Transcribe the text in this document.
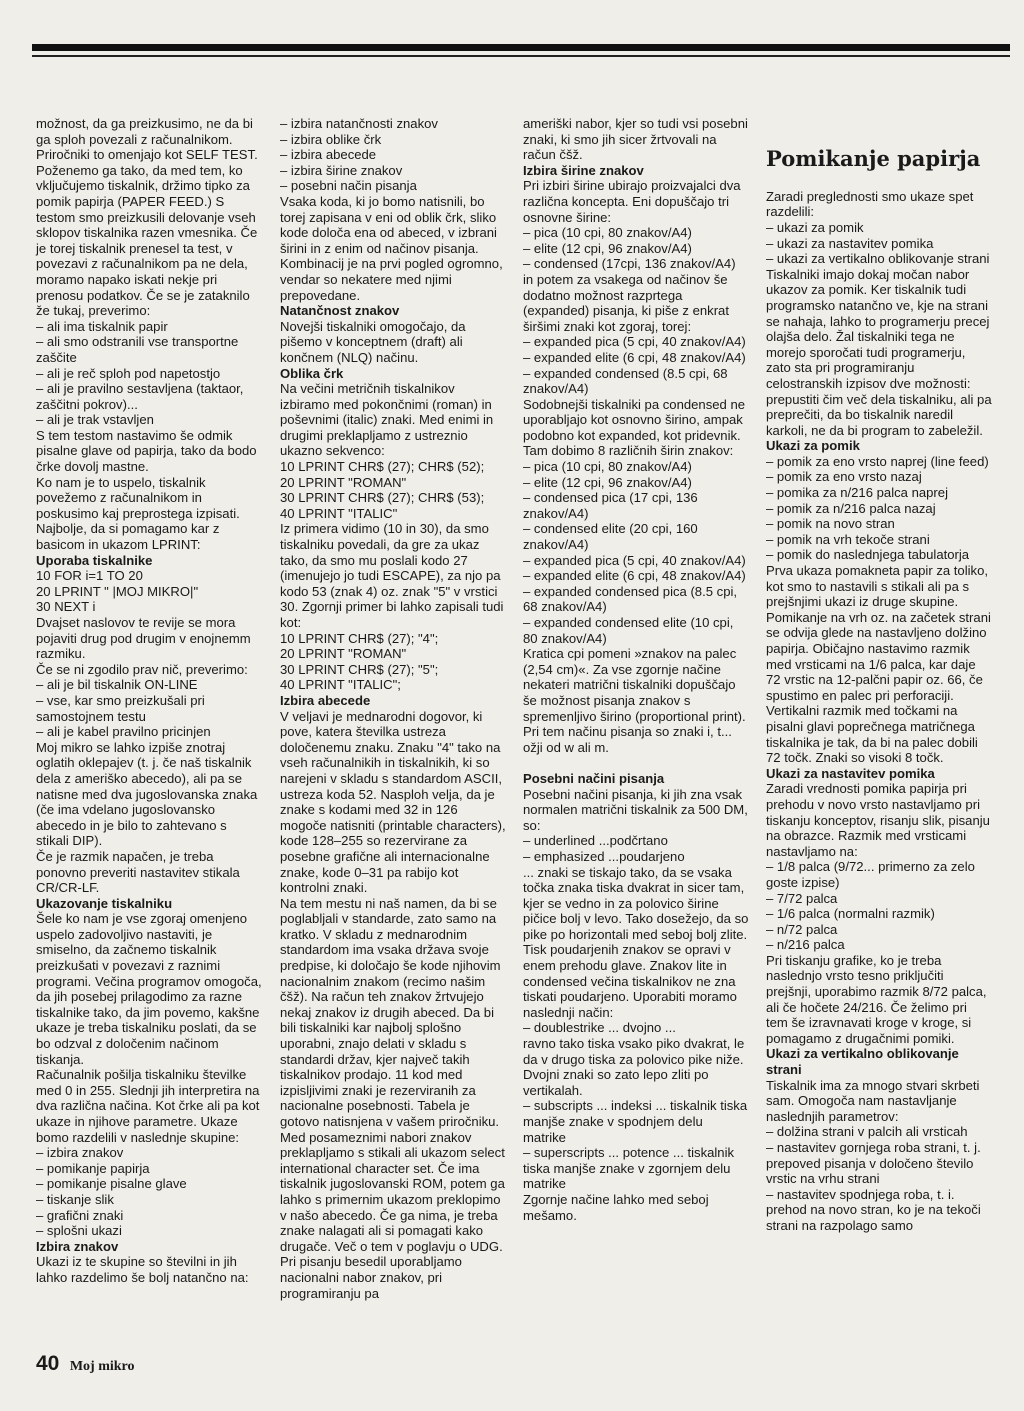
možnost, da ga preizkusimo, ne da bi ga sploh povezali z računalnikom. Priročniki to omenjajo kot SELF TEST. Poženemo ga tako, da med tem, ko vključujemo tiskalnik, držimo tipko za pomik papirja (PAPER FEED.) S testom smo preizkusili delovanje vseh sklopov tiskalnika razen vmesnika. Če je torej tiskalnik prenesel ta test, v povezavi z računalnikom pa ne dela, moramo napako iskati nekje pri prenosu podatkov. Če se je zataknilo že tukaj, preverimo:

– ali ima tiskalnik papir
– ali smo odstranili vse transportne zaščite
– ali je reč sploh pod napetostjo
– ali je pravilno sestavljena (taktaor, zaščitni pokrov)...
– ali je trak vstavljen

S tem testom nastavimo še odmik pisalne glave od papirja, tako da bodo črke dovolj mastne.

Ko nam je to uspelo, tiskalnik povežemo z računalnikom in poskusimo kaj preprostega izpisati. Najbolje, da si pomagamo kar z basicom in ukazom LPRINT:

Uporaba tiskalnike

10 FOR i=1 TO 20
20 LPRINT " |MOJ MIKRO|"
30 NEXT i

Dvajset naslovov te revije se mora pojaviti drug pod drugim v enojnemm razmiku.

Če se ni zgodilo prav nič, preverimo:

– ali je bil tiskalnik ON-LINE
– vse, kar smo preizkušali pri samostojnem testu
– ali je kabel pravilno pricinjen

Moj mikro se lahko izpiše znotraj oglatih oklepajev (t. j. če naš tiskalnik dela z ameriško abecedo), ali pa se natisne med dva jugoslovanska znaka (če ima vdelano jugoslovansko abecedo in je bilo to zahtevano s stikali DIP).

Če je razmik napačen, je treba ponovno preveriti nastavitev stikala CR/CR-LF.

Ukazovanje tiskalniku

Šele ko nam je vse zgoraj omenjeno uspelo zadovoljivo nastaviti, je smiselno, da začnemo tiskalnik preizkušati v povezavi z raznimi programi. Večina programov omogoča, da jih posebej prilagodimo za razne tiskalnike tako, da jim povemo, kakšne ukaze je treba tiskalniku poslati, da se bo odzval z določenim načinom tiskanja.

Računalnik pošilja tiskalniku številke med 0 in 255. Slednji jih interpretira na dva različna načina. Kot črke ali pa kot ukaze in njihove parametre. Ukaze bomo razdelili v naslednje skupine:

– izbira znakov
– pomikanje papirja
– pomikanje pisalne glave
– tiskanje slik
– grafični znaki
– splošni ukazi

Izbira znakov

Ukazi iz te skupine so številni in jih lahko razdelimo še bolj natančno na:

– izbira natančnosti znakov
– izbira oblike črk
– izbira abecede
– izbira širine znakov
– posebni način pisanja

Vsaka koda, ki jo bomo natisnili, bo torej zapisana v eni od oblik črk, sliko kode določa ena od abeced, v izbrani širini in z enim od načinov pisanja. Kombinacij je na prvi pogled ogromno, vendar so nekatere med njimi prepovedane.

Natančnost znakov

Novejši tiskalniki omogočajo, da pišemo v konceptnem (draft) ali končnem (NLQ) načinu.

Oblika črk

Na večini metričnih tiskalnikov izbiramo med pokončnimi (roman) in poševnimi (italic) znaki. Med enimi in drugimi preklapljamo z ustreznio ukazno sekvenco:

10 LPRINT CHR$ (27); CHR$ (52);
20 LPRINT "ROMAN"
30 LPRINT CHR$ (27); CHR$ (53);
40 LPRINT "ITALIC"

Iz primera vidimo (10 in 30), da smo tiskalniku povedali, da gre za ukaz tako, da smo mu poslali kodo 27 (imenujejo jo tudi ESCAPE), za njo pa kodo 53 (znak 4) oz. znak "5" v vrstici 30. Zgornji primer bi lahko zapisali tudi kot:

10 LPRINT CHR$ (27); "4";
20 LPRINT "ROMAN"
30 LPRINT CHR$ (27); "5";
40 LPRINT "ITALIC";

Izbira abecede

V veljavi je mednarodni dogovor, ki pove, katera številka ustreza določenemu znaku. Znaku "4" tako na vseh računalnikih in tiskalnikih, ki so narejeni v skladu s standardom ASCII, ustreza koda 52. Nasploh velja, da je znake s kodami med 32 in 126 mogoče natisniti (printable characters), kode 128–255 so rezervirane za posebne grafične ali internacionalne znake, kode 0–31 pa rabijo kot kontrolni znaki.

Na tem mestu ni naš namen, da bi se poglabljali v standarde, zato samo na kratko. V skladu z mednarodnim standardom ima vsaka država svoje predpise, ki določajo še kode njihovim nacionalnim znakom (recimo našim čšž). Na račun teh znakov žrtvujejo nekaj znakov iz drugih abeced. Da bi bili tiskalniki kar najbolj splošno uporabni, znajo delati v skladu s standardi držav, kjer največ takih tiskalnikov prodajo. 11 kod med izpisljivimi znaki je rezerviranih za nacionalne posebnosti. Tabela je gotovo natisnjena v vašem priročniku. Med posameznimi nabori znakov preklapljamo s stikali ali ukazom select international character set. Če ima tiskalnik jugoslovanski ROM, potem ga lahko s primernim ukazom preklopimo v našo abecedo. Če ga nima, je treba znake nalagati ali si pomagati kako drugače. Več o tem v poglavju o UDG. Pri pisanju besedil uporabljamo nacionalni nabor znakov, pri programiranju pa

ameriški nabor, kjer so tudi vsi posebni znaki, ki smo jih sicer žrtvovali na račun čšž.

Izbira širine znakov

Pri izbiri širine ubirajo proizvajalci dva različna koncepta. Eni dopuščajo tri osnovne širine:

– pica (10 cpi, 80 znakov/A4)
– elite (12 cpi, 96 znakov/A4)
– condensed (17cpi, 136 znakov/A4)

in potem za vsakega od načinov še dodatno možnost razprtega (expanded) pisanja, ki piše z enkrat širšimi znaki kot zgoraj, torej:

– expanded pica (5 cpi, 40 znakov/A4)
– expanded elite (6 cpi, 48 znakov/A4)
– expanded condensed (8.5 cpi, 68 znakov/A4)

Sodobnejši tiskalniki pa condensed ne uporabljajo kot osnovno širino, ampak podobno kot expanded, kot pridevnik. Tam dobimo 8 različnih širin znakov:

– pica (10 cpi, 80 znakov/A4)
– elite (12 cpi, 96 znakov/A4)
– condensed pica (17 cpi, 136 znakov/A4)
– condensed elite (20 cpi, 160 znakov/A4)
– expanded pica (5 cpi, 40 znakov/A4)
– expanded elite (6 cpi, 48 znakov/A4)
– expanded condensed pica (8.5 cpi, 68 znakov/A4)
– expanded condensed elite (10 cpi, 80 znakov/A4)

Kratica cpi pomeni »znakov na palec (2,54 cm)«. Za vse zgornje načine nekateri matrični tiskalniki dopuščajo še možnost pisanja znakov s spremenljivo širino (proportional print). Pri tem načinu pisanja so znaki i, t... ožji od w ali m.

Posebni načini pisanja

Posebni načini pisanja, ki jih zna vsak normalen matrični tiskalnik za 500 DM, so:

– underlined ...podčrtano
– emphasized ...poudarjeno

... znaki se tiskajo tako, da se vsaka točka znaka tiska dvakrat in sicer tam, kjer se vedno in za polovico širine pičice bolj v levo. Tako dosežejo, da so pike po horizontali med seboj bolj zlite. Tisk poudarjenih znakov se opravi v enem prehodu glave. Znakov lite in condensed večina tiskalnikov ne zna tiskati poudarjeno. Uporabiti moramo naslednji način:

– doublestrike ... dvojno ...

ravno tako tiska vsako piko dvakrat, le da v drugo tiska za polovico pike niže. Dvojni znaki so zato lepo zliti po vertikalah.

– subscripts ... indeksi ... tiskalnik tiska manjše znake v spodnjem delu matrike
– superscripts ... potence ... tiskalnik tiska manjše znake v zgornjem delu matrike

Zgornje načine lahko med seboj mešamo.

Pomikanje papirja

Zaradi preglednosti smo ukaze spet razdelili:

– ukazi za pomik
– ukazi za nastavitev pomika
– ukazi za vertikalno oblikovanje strani

Tiskalniki imajo dokaj močan nabor ukazov za pomik. Ker tiskalnik tudi programsko natančno ve, kje na strani se nahaja, lahko to programerju precej olajša delo. Žal tiskalniki tega ne morejo sporočati tudi programerju, zato sta pri programiranju celostranskih izpisov dve možnosti: prepustiti čim več dela tiskalniku, ali pa preprečiti, da bo tiskalnik naredil karkoli, ne da bi program to zabeležil.

Ukazi za pomik

– pomik za eno vrsto naprej (line feed)
– pomik za eno vrsto nazaj
– pomika za n/216 palca naprej
– pomik za n/216 palca nazaj
– pomik na novo stran
– pomik na vrh tekoče strani
– pomik do naslednjega tabulatorja

Prva ukaza pomakneta papir za toliko, kot smo to nastavili s stikali ali pa s prejšnjimi ukazi iz druge skupine. Pomikanje na vrh oz. na začetek strani se odvija glede na nastavljeno dolžino papirja. Običajno nastavimo razmik med vrsticami na 1/6 palca, kar daje 72 vrstic na 12-palčni papir oz. 66, če spustimo en palec pri perforaciji. Vertikalni razmik med točkami na pisalni glavi poprečnega matričnega tiskalnika je tak, da bi na palec dobili 72 točk. Znaki so visoki 8 točk.

Ukazi za nastavitev pomika

Zaradi vrednosti pomika papirja pri prehodu v novo vrsto nastavljamo pri tiskanju konceptov, risanju slik, pisanju na obrazce. Razmik med vrsticami nastavljamo na:

– 1/8 palca (9/72... primerno za zelo goste izpise)
– 7/72 palca
– 1/6 palca (normalni razmik)
– n/72 palca
– n/216 palca

Pri tiskanju grafike, ko je treba naslednjo vrsto tesno priključiti prejšnji, uporabimo razmik 8/72 palca, ali če hočete 24/216. Če želimo pri tem še izravnavati kroge v kroge, si pomagamo z drugačnimi pomiki.

Ukazi za vertikalno oblikovanje strani

Tiskalnik ima za mnogo stvari skrbeti sam. Omogoča nam nastavljanje naslednjih parametrov:

– dolžina strani v palcih ali vrsticah
– nastavitev gornjega roba strani, t. j. prepoved pisanja v določeno število vrstic na vrhu strani
– nastavitev spodnjega roba, t. i. prehod na novo stran, ko je na tekoči strani na razpolago samo

40 Moj mikro
